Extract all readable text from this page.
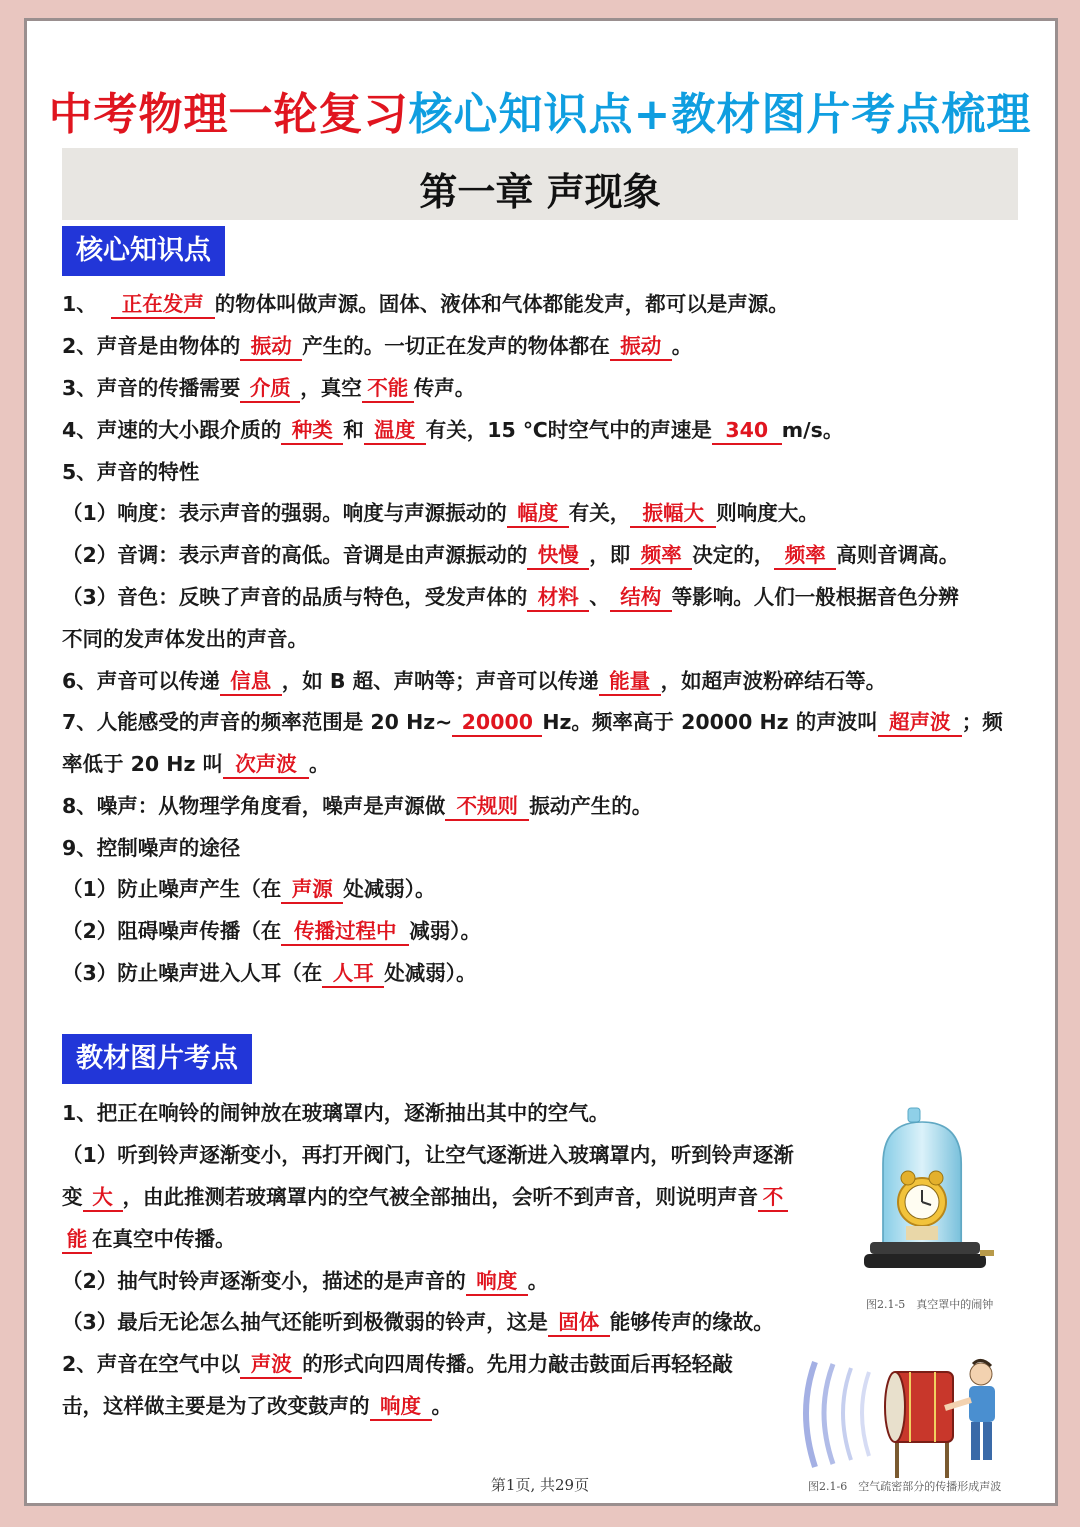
中考物理一轮复习核心知识点+教材图片考点梳理
第一章 声现象
核心知识点
1、 正在发声 的物体叫做声源。固体、液体和气体都能发声，都可以是声源。
2、声音是由物体的 振动 产生的。一切正在发声的物体都在 振动 。
3、声音的传播需要 介质 ，真空 不能 传声。
4、声速的大小跟介质的 种类 和 温度 有关，15 ℃时空气中的声速是 340 m/s。
5、声音的特性
（1）响度：表示声音的强弱。响度与声源振动的 幅度 有关， 振幅大 则响度大。
（2）音调：表示声音的高低。音调是由声源振动的 快慢 ，即 频率 决定的， 频率 高则音调高。
（3）音色：反映了声音的品质与特色，受发声体的 材料 、 结构 等影响。人们一般根据音色分辨
不同的发声体发出的声音。
6、声音可以传递 信息 ，如 B 超、声呐等；声音可以传递 能量 ，如超声波粉碎结石等。
7、人能感受的声音的频率范围是 20 Hz~ 20000 Hz。频率高于 20000 Hz 的声波叫 超声波 ；频
率低于 20 Hz 叫 次声波 。
8、噪声：从物理学角度看，噪声是声源做 不规则 振动产生的。
9、控制噪声的途径
（1）防止噪声产生（在 声源 处减弱）。
（2）阻碍噪声传播（在 传播过程中 减弱）。
（3）防止噪声进入人耳（在 人耳 处减弱）。
教材图片考点
1、把正在响铃的闹钟放在玻璃罩内，逐渐抽出其中的空气。
（1）听到铃声逐渐变小，再打开阀门，让空气逐渐进入玻璃罩内，听到铃声逐渐
变 大 ，由此推测若玻璃罩内的空气被全部抽出，会听不到声音，则说明声音 不
能 在真空中传播。
（2）抽气时铃声逐渐变小，描述的是声音的 响度 。
（3）最后无论怎么抽气还能听到极微弱的铃声，这是 固体 能够传声的缘故。
2、声音在空气中以 声波 的形式向四周传播。先用力敲击鼓面后再轻轻敲
击，这样做主要是为了改变鼓声的 响度 。
图2.1-5　真空罩中的闹钟
图2.1-6　空气疏密部分的传播形成声波
第1页, 共29页
